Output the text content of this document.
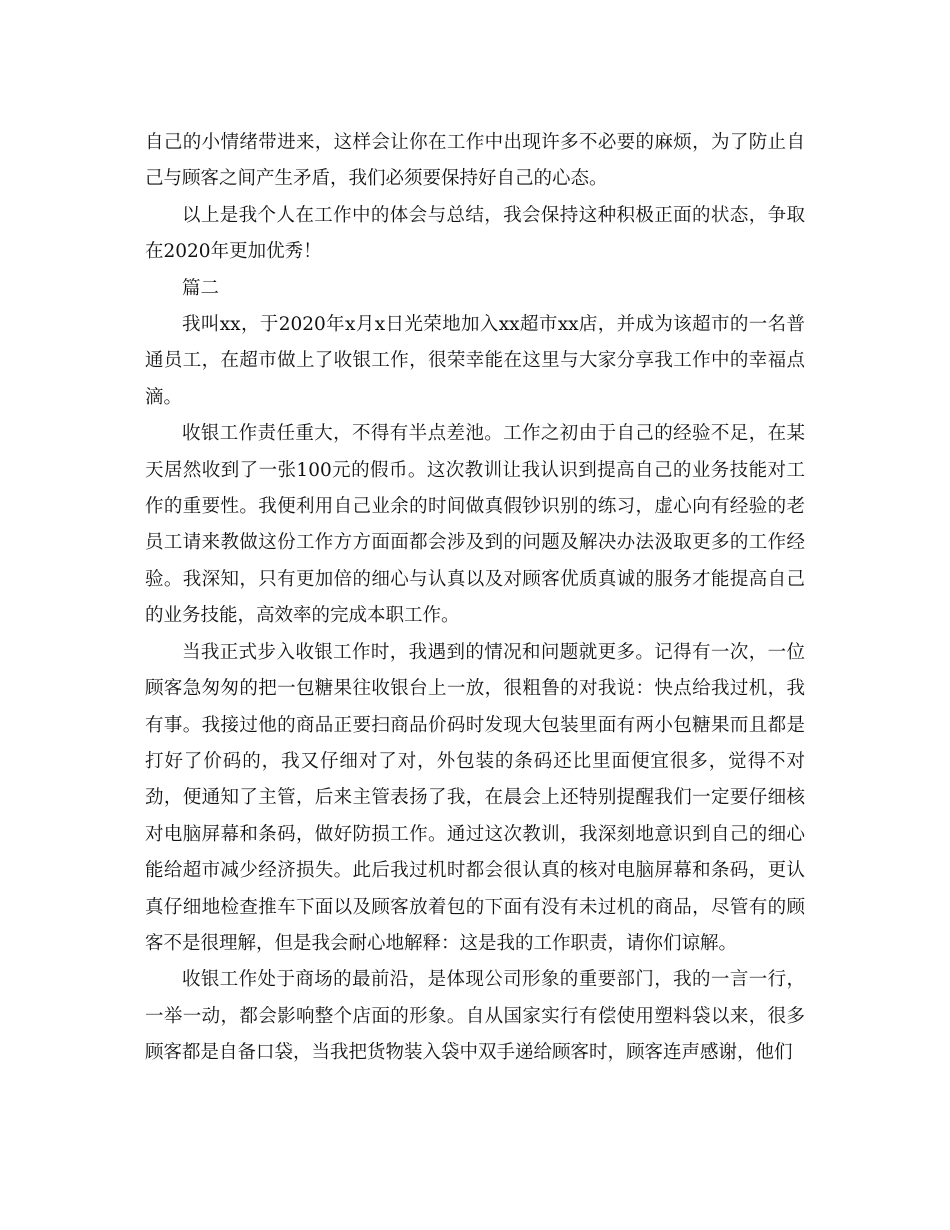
自己的小情绪带进来，这样会让你在工作中出现许多不必要的麻烦，为了防止自己与顾客之间产生矛盾，我们必须要保持好自己的心态。

以上是我个人在工作中的体会与总结，我会保持这种积极正面的状态，争取在2020年更加优秀！

篇二

我叫xx，于2020年x月x日光荣地加入xx超市xx店，并成为该超市的一名普通员工，在超市做上了收银工作，很荣幸能在这里与大家分享我工作中的幸福点滴。

收银工作责任重大，不得有半点差池。工作之初由于自己的经验不足，在某天居然收到了一张100元的假币。这次教训让我认识到提高自己的业务技能对工作的重要性。我便利用自己业余的时间做真假钞识别的练习，虚心向有经验的老员工请来教做这份工作方方面面都会涉及到的问题及解决办法汲取更多的工作经验。我深知，只有更加倍的细心与认真以及对顾客优质真诚的服务才能提高自己的业务技能，高效率的完成本职工作。

当我正式步入收银工作时，我遇到的情况和问题就更多。记得有一次，一位顾客急匆匆的把一包糖果往收银台上一放，很粗鲁的对我说：快点给我过机，我有事。我接过他的商品正要扫商品价码时发现大包装里面有两小包糖果而且都是打好了价码的，我又仔细对了对，外包装的条码还比里面便宜很多，觉得不对劲，便通知了主管，后来主管表扬了我，在晨会上还特别提醒我们一定要仔细核对电脑屏幕和条码，做好防损工作。通过这次教训，我深刻地意识到自己的细心能给超市减少经济损失。此后我过机时都会很认真的核对电脑屏幕和条码，更认真仔细地检查推车下面以及顾客放着包的下面有没有未过机的商品，尽管有的顾客不是很理解，但是我会耐心地解释：这是我的工作职责，请你们谅解。

收银工作处于商场的最前沿，是体现公司形象的重要部门，我的一言一行，一举一动，都会影响整个店面的形象。自从国家实行有偿使用塑料袋以来，很多顾客都是自备口袋，当我把货物装入袋中双手递给顾客时，顾客连声感谢，他们
